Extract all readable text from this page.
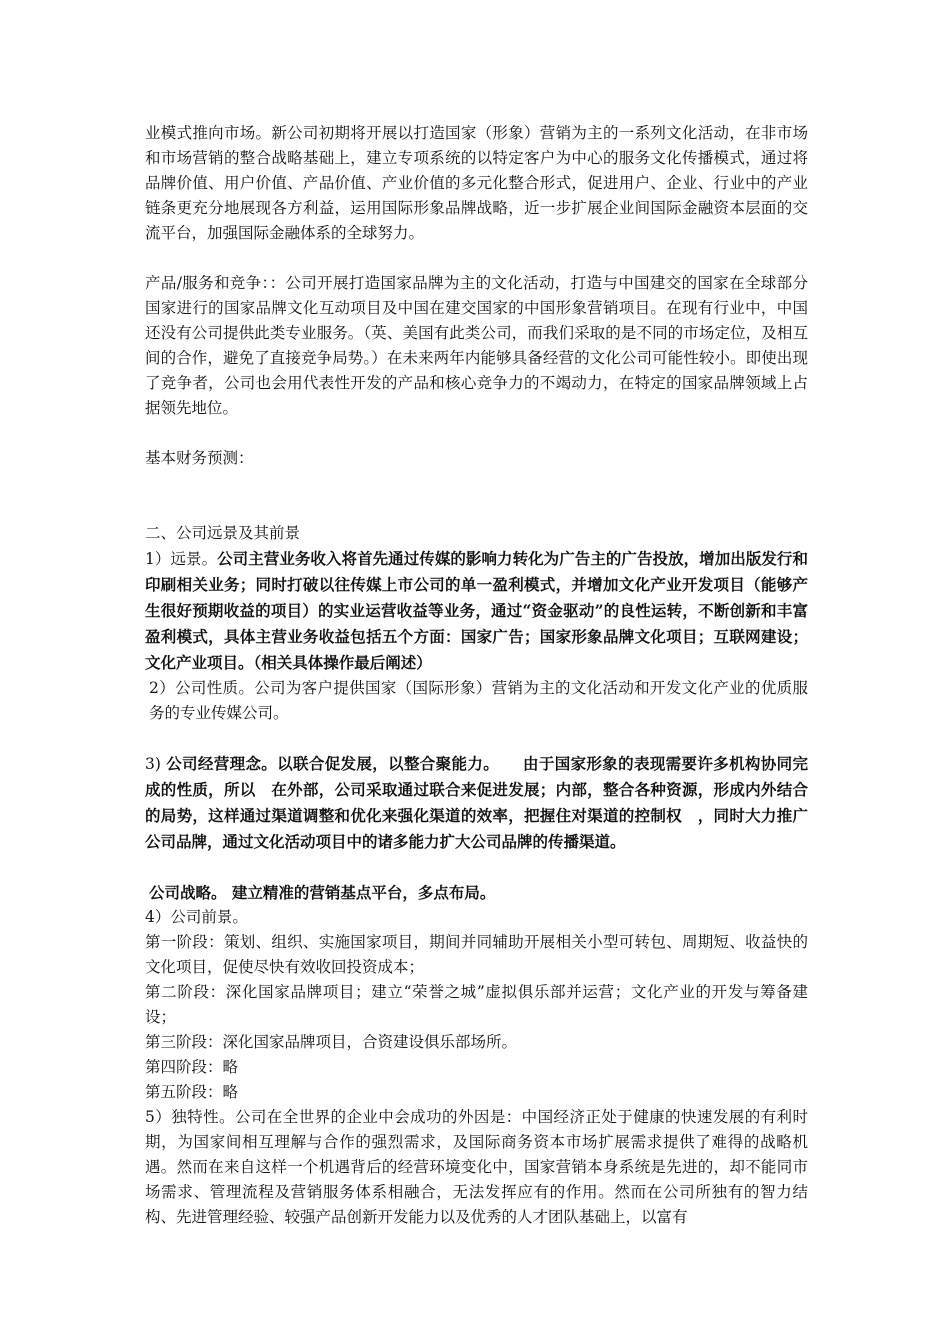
业模式推向市场。新公司初期将开展以打造国家（形象）营销为主的一系列文化活动，在非市场和市场营销的整合战略基础上，建立专项系统的以特定客户为中心的服务文化传播模式，通过将品牌价值、用户价值、产品价值、产业价值的多元化整合形式，促进用户、企业、行业中的产业链条更充分地展现各方利益，运用国际形象品牌战略，近一步扩展企业间国际金融资本层面的交流平台，加强国际金融体系的全球努力。

产品/服务和竞争：：公司开展打造国家品牌为主的文化活动，打造与中国建交的国家在全球部分国家进行的国家品牌文化互动项目及中国在建交国家的中国形象营销项目。在现有行业中，中国还没有公司提供此类专业服务。（英、美国有此类公司，而我们采取的是不同的市场定位，及相互间的合作，避免了直接竞争局势。）在未来两年内能够具备经营的文化公司可能性较小。即使出现了竞争者，公司也会用代表性开发的产品和核心竞争力的不竭动力，在特定的国家品牌领域上占据领先地位。

基本财务预测：

二、公司远景及其前景

1）远景。公司主营业务收入将首先通过传媒的影响力转化为广告主的广告投放，增加出版发行和印刷相关业务；同时打破以往传媒上市公司的单一盈利模式，并增加文化产业开发项目（能够产生很好预期收益的项目）的实业运营收益等业务，通过“资金驱动”的良性运转，不断创新和丰富盈利模式，具体主营业务收益包括五个方面：国家广告；国家形象品牌文化项目；互联网建设；文化产业项目。（相关具体操作最后阐述）

2）公司性质。公司为客户提供国家（国际形象）营销为主的文化活动和开发文化产业的优质服务的专业传媒公司。

3) 公司经营理念。以联合促发展，以整合聚能力。　　由于国家形象的表现需要许多机构协同完成的性质，所以　在外部，公司采取通过联合来促进发展；内部，整合各种资源，形成内外结合的局势，这样通过渠道调整和优化来强化渠道的效率，把握住对渠道的控制权　，同时大力推广公司品牌，通过文化活动项目中的诸多能力扩大公司品牌的传播渠道。

公司战略。 建立精准的营销基点平台，多点布局。

4）公司前景。

第一阶段：策划、组织、实施国家项目，期间并同辅助开展相关小型可转包、周期短、收益快的文化项目，促使尽快有效收回投资成本；

第二阶段：深化国家品牌项目；建立“荣誉之城”虚拟俱乐部并运营；文化产业的开发与筹备建设；

第三阶段：深化国家品牌项目，合资建设俱乐部场所。

第四阶段：略

第五阶段：略

5）独特性。公司在全世界的企业中会成功的外因是：中国经济正处于健康的快速发展的有利时期，为国家间相互理解与合作的强烈需求，及国际商务资本市场扩展需求提供了难得的战略机遇。然而在来自这样一个机遇背后的经营环境变化中，国家营销本身系统是先进的，却不能同市场需求、管理流程及营销服务体系相融合，无法发挥应有的作用。然而在公司所独有的智力结构、先进管理经验、较强产品创新开发能力以及优秀的人才团队基础上，以富有
